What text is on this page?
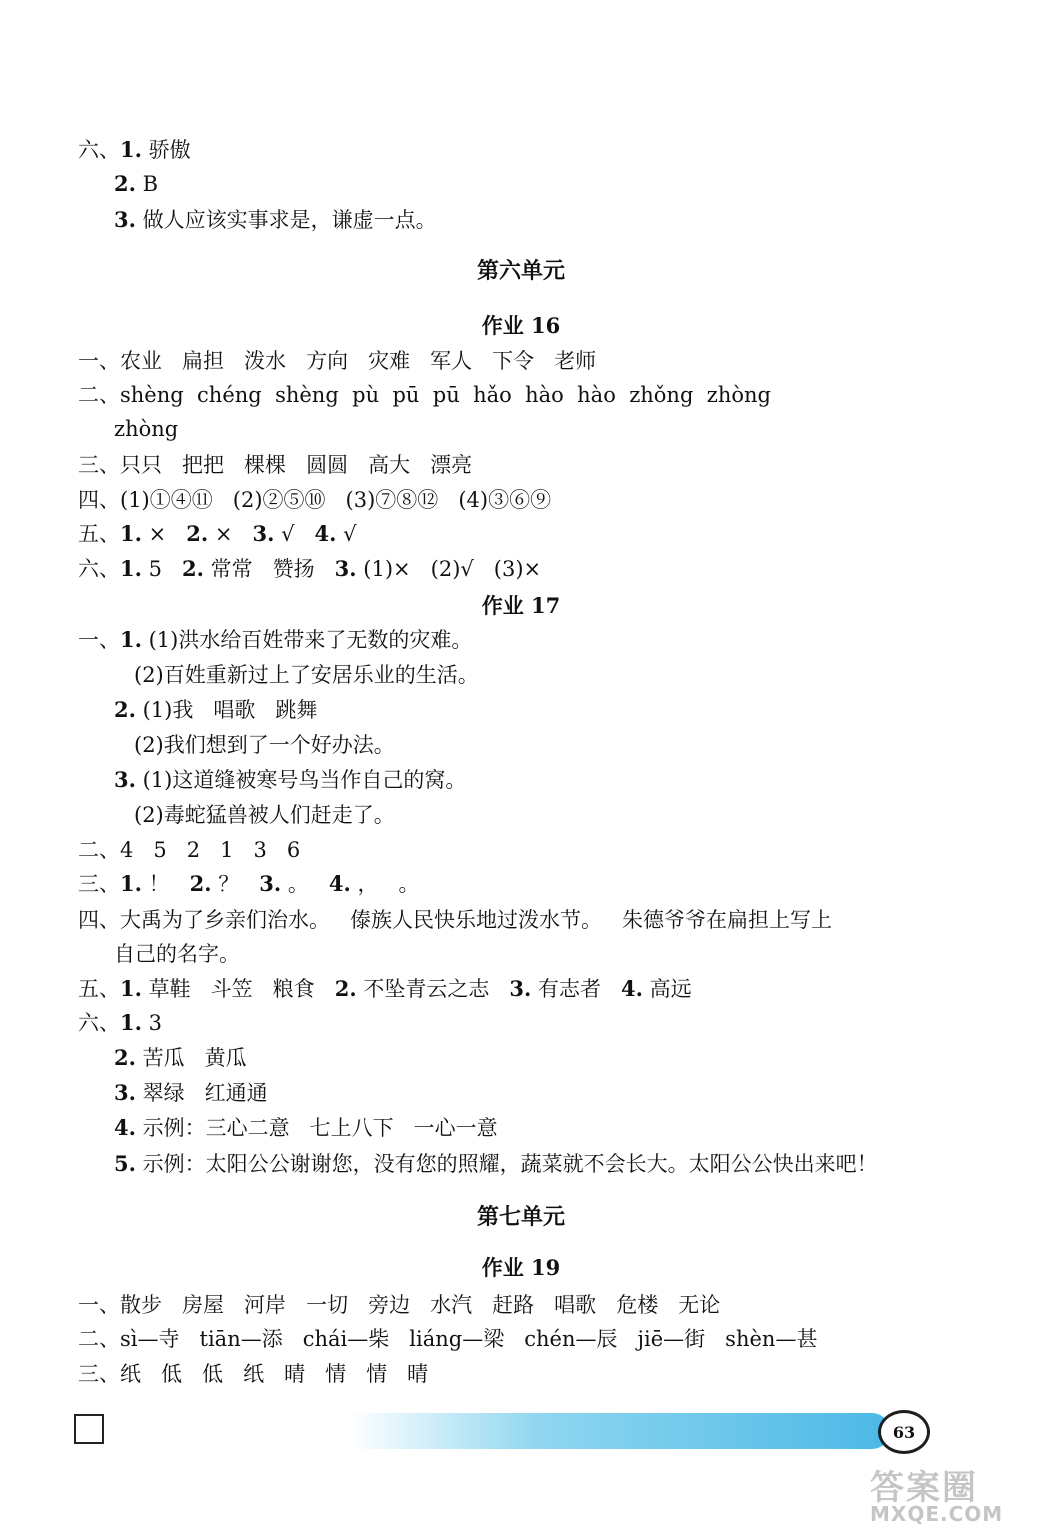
六、1. 骄傲
2. B
3. 做人应该实事求是，谦虚一点。
第六单元
作业 16
一、农业   扁担   泼水   方向   灾难   军人   下令   老师
二、shèng  chéng  shèng  pù  pū  pū  hǎo  hào  hào  zhǒng  zhòng
zhòng
三、只只   把把   棵棵   圆圆   高大   漂亮
四、(1)①④⑪   (2)②⑤⑩   (3)⑦⑧⑫   (4)③⑥⑨
五、1. ×   2. ×   3. √   4. √
六、1. 5   2. 常常   赞扬   3. (1)×   (2)√   (3)×
作业 17
一、1. (1)洪水给百姓带来了无数的灾难。
(2)百姓重新过上了安居乐业的生活。
2. (1)我   唱歌   跳舞
(2)我们想到了一个好办法。
3. (1)这道缝被寒号鸟当作自己的窝。
(2)毒蛇猛兽被人们赶走了。
二、4   5   2   1   3   6
三、1. ！   2. ？   3. 。   4. ，   。
四、大禹为了乡亲们治水。   傣族人民快乐地过泼水节。   朱德爷爷在扁担上写上
自己的名字。
五、1. 草鞋   斗笠   粮食   2. 不坠青云之志   3. 有志者   4. 高远
六、1. 3
2. 苦瓜   黄瓜
3. 翠绿   红通通
4. 示例：三心二意   七上八下   一心一意
5. 示例：太阳公公谢谢您，没有您的照耀，蔬菜就不会长大。太阳公公快出来吧！
第七单元
作业 19
一、散步   房屋   河岸   一切   旁边   水汽   赶路   唱歌   危楼   无论
二、sì—寺   tiān—添   chái—柴   liáng—梁   chén—辰   jiē—街   shèn—甚
三、纸   低   低   纸   晴   情   情   晴
63
答案圈
MXQE.COM
